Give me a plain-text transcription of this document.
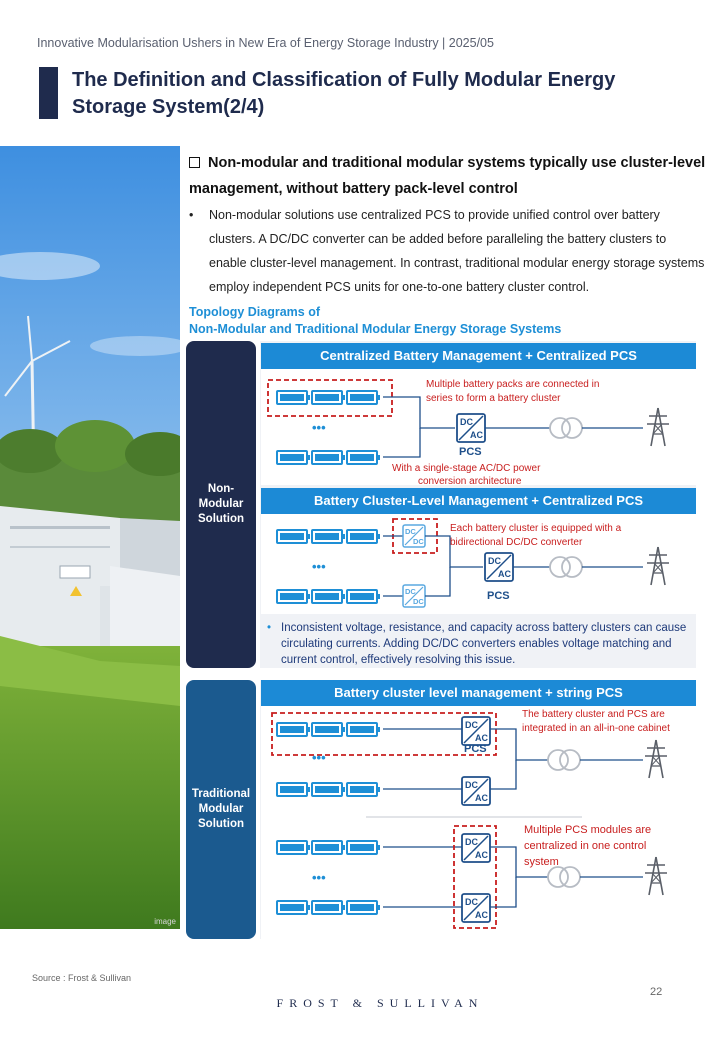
Innovative Modularisation Ushers in New Era of Energy Storage Industry | 2025/05
The Definition and Classification of Fully Modular Energy Storage System(2/4)
image
Non-modular and traditional modular systems typically use cluster-level management, without battery pack-level control
• Non-modular solutions use centralized PCS to provide unified control over battery clusters. A DC/DC converter can be added before paralleling the battery clusters to enable cluster-level management. In contrast, traditional modular energy storage systems employ independent PCS units for one-to-one battery cluster control.
Topology Diagrams of
Non-Modular and Traditional Modular Energy Storage Systems
Non-
Modular
Solution
Traditional
Modular
Solution
Centralized Battery Management + Centralized PCS
Battery Cluster-Level Management + Centralized PCS
Battery cluster level management + string PCS
•••
PCS
Multiple battery packs are connected in
series to form a battery cluster
With a single-stage AC/DC power
conversion architecture
•••
PCS
Each battery cluster is equipped with a
bidirectional DC/DC converter
PCS
•••
•••
The battery cluster and PCS are
integrated in an all-in-one cabinet
Multiple PCS modules are
centralized in one control
system
• Inconsistent voltage, resistance, and capacity across battery clusters can cause circulating currents. Adding DC/DC converters enables voltage matching and current control, effectively resolving this issue.
Source : Frost & Sullivan
22
FROST & SULLIVAN
